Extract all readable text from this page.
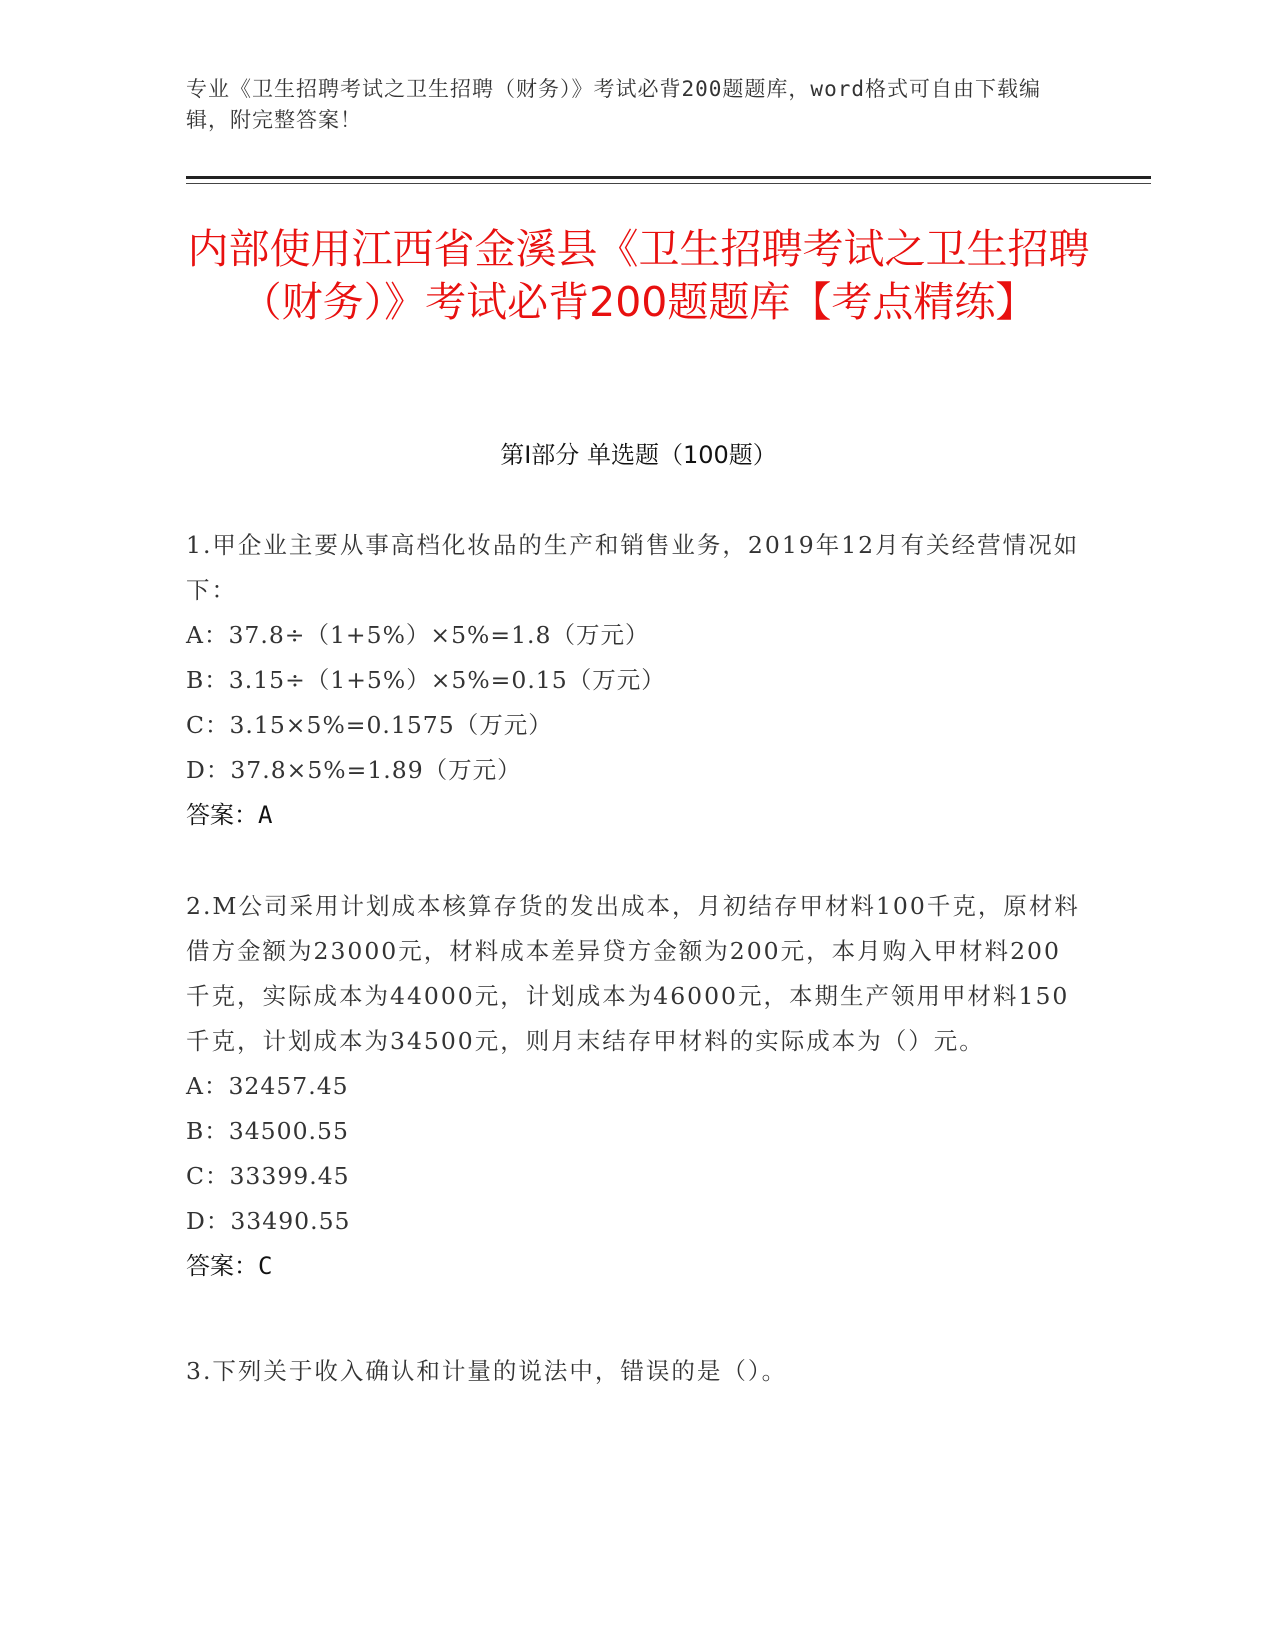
专业《卫生招聘考试之卫生招聘（财务）》考试必背200题题库，word格式可自由下载编辑，附完整答案！
内部使用江西省金溪县《卫生招聘考试之卫生招聘（财务）》考试必背200题题库【考点精练】
第I部分 单选题（100题）
1.甲企业主要从事高档化妆品的生产和销售业务，2019年12月有关经营情况如下：
A：37.8÷（1+5%）×5%=1.8（万元）
B：3.15÷（1+5%）×5%=0.15（万元）
C：3.15×5%=0.1575（万元）
D：37.8×5%=1.89（万元）
答案：A
2.M公司采用计划成本核算存货的发出成本，月初结存甲材料100千克，原材料借方金额为23000元，材料成本差异贷方金额为200元，本月购入甲材料200千克，实际成本为44000元，计划成本为46000元，本期生产领用甲材料150千克，计划成本为34500元，则月末结存甲材料的实际成本为（）元。
A：32457.45
B：34500.55
C：33399.45
D：33490.55
答案：C
3.下列关于收入确认和计量的说法中，错误的是（）。
